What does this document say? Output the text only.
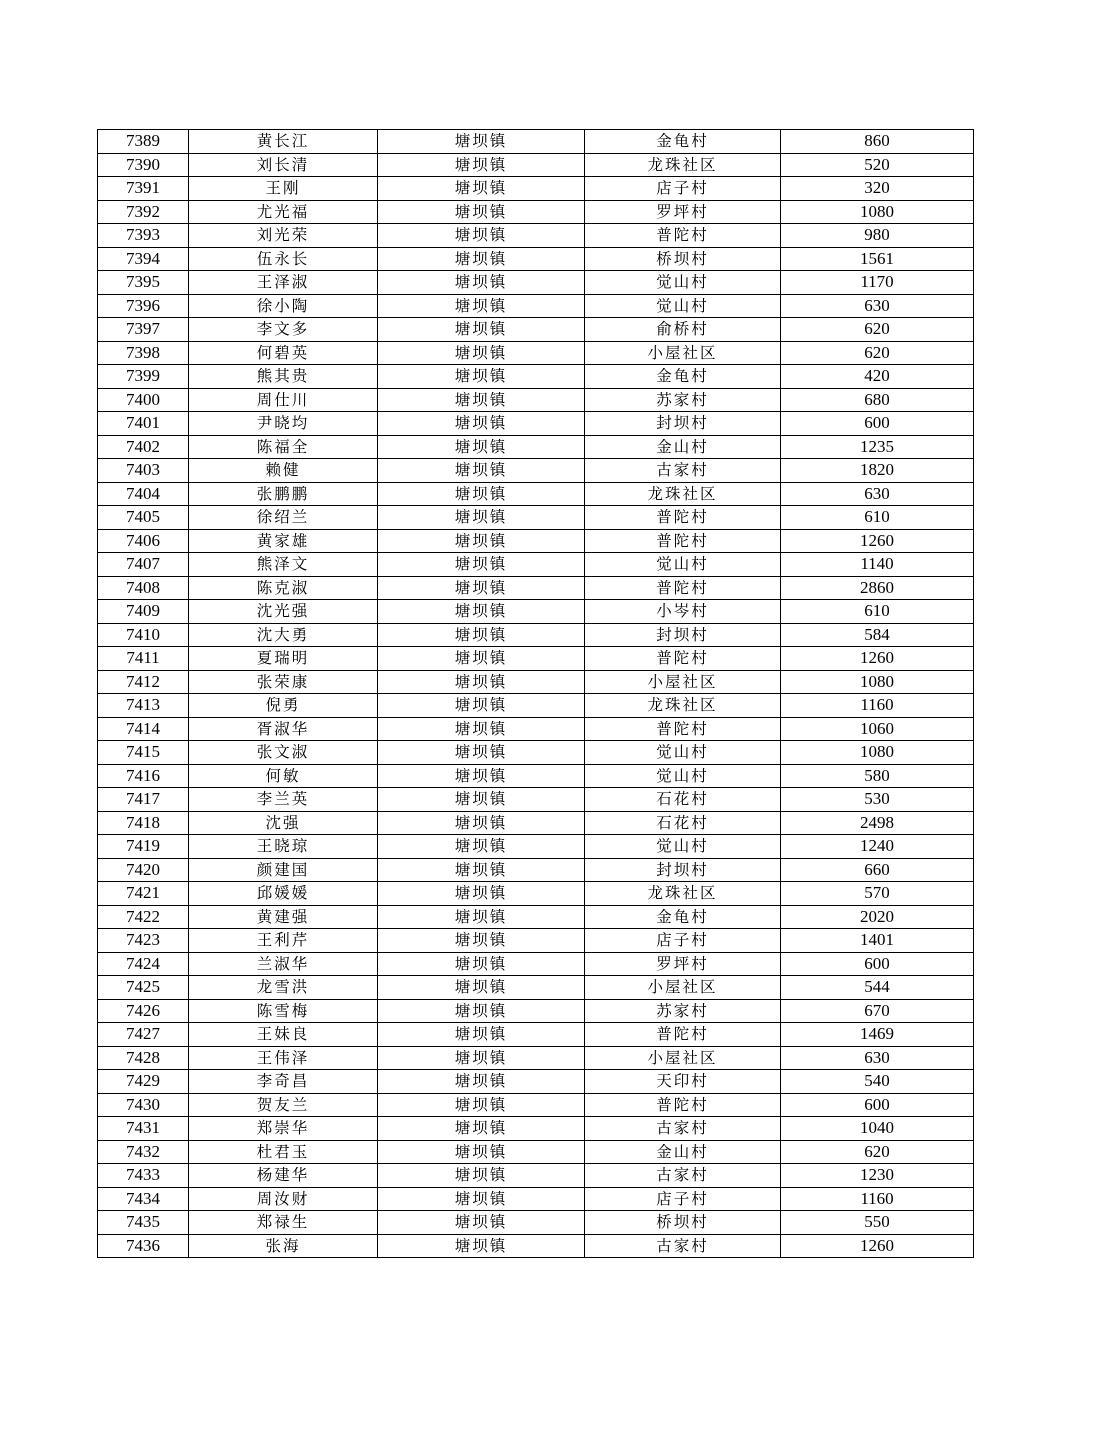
7389	黄长江	塘坝镇	金龟村	860
7390	刘长清	塘坝镇	龙珠社区	520
7391	王刚	塘坝镇	店子村	320
7392	尤光福	塘坝镇	罗坪村	1080
7393	刘光荣	塘坝镇	普陀村	980
7394	伍永长	塘坝镇	桥坝村	1561
7395	王泽淑	塘坝镇	觉山村	1170
7396	徐小陶	塘坝镇	觉山村	630
7397	李文多	塘坝镇	俞桥村	620
7398	何碧英	塘坝镇	小屋社区	620
7399	熊其贵	塘坝镇	金龟村	420
7400	周仕川	塘坝镇	苏家村	680
7401	尹晓均	塘坝镇	封坝村	600
7402	陈福全	塘坝镇	金山村	1235
7403	赖健	塘坝镇	古家村	1820
7404	张鹏鹏	塘坝镇	龙珠社区	630
7405	徐绍兰	塘坝镇	普陀村	610
7406	黄家雄	塘坝镇	普陀村	1260
7407	熊泽文	塘坝镇	觉山村	1140
7408	陈克淑	塘坝镇	普陀村	2860
7409	沈光强	塘坝镇	小岑村	610
7410	沈大勇	塘坝镇	封坝村	584
7411	夏瑞明	塘坝镇	普陀村	1260
7412	张荣康	塘坝镇	小屋社区	1080
7413	倪勇	塘坝镇	龙珠社区	1160
7414	胥淑华	塘坝镇	普陀村	1060
7415	张文淑	塘坝镇	觉山村	1080
7416	何敏	塘坝镇	觉山村	580
7417	李兰英	塘坝镇	石花村	530
7418	沈强	塘坝镇	石花村	2498
7419	王晓琼	塘坝镇	觉山村	1240
7420	颜建国	塘坝镇	封坝村	660
7421	邱媛媛	塘坝镇	龙珠社区	570
7422	黄建强	塘坝镇	金龟村	2020
7423	王利芹	塘坝镇	店子村	1401
7424	兰淑华	塘坝镇	罗坪村	600
7425	龙雪洪	塘坝镇	小屋社区	544
7426	陈雪梅	塘坝镇	苏家村	670
7427	王妹良	塘坝镇	普陀村	1469
7428	王伟泽	塘坝镇	小屋社区	630
7429	李奇昌	塘坝镇	天印村	540
7430	贺友兰	塘坝镇	普陀村	600
7431	郑崇华	塘坝镇	古家村	1040
7432	杜君玉	塘坝镇	金山村	620
7433	杨建华	塘坝镇	古家村	1230
7434	周汝财	塘坝镇	店子村	1160
7435	郑禄生	塘坝镇	桥坝村	550
7436	张海	塘坝镇	古家村	1260
